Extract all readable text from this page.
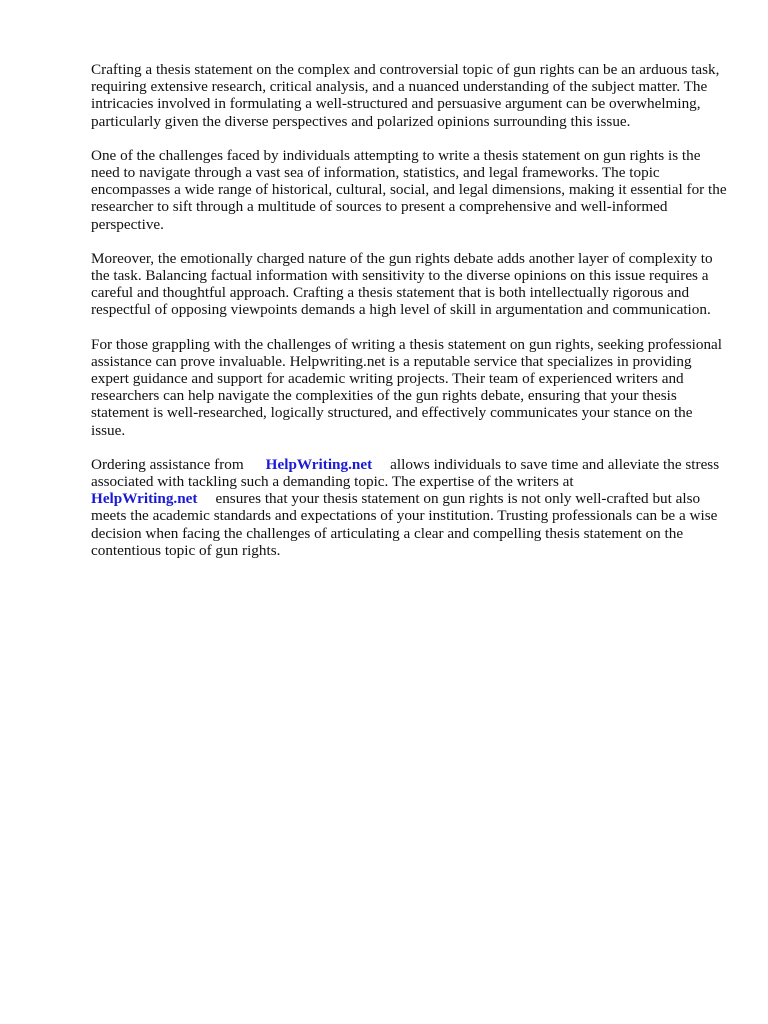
Crafting a thesis statement on the complex and controversial topic of gun rights can be an arduous task, requiring extensive research, critical analysis, and a nuanced understanding of the subject matter. The intricacies involved in formulating a well-structured and persuasive argument can be overwhelming, particularly given the diverse perspectives and polarized opinions surrounding this issue.

One of the challenges faced by individuals attempting to write a thesis statement on gun rights is the need to navigate through a vast sea of information, statistics, and legal frameworks. The topic encompasses a wide range of historical, cultural, social, and legal dimensions, making it essential for the researcher to sift through a multitude of sources to present a comprehensive and well-informed perspective.

Moreover, the emotionally charged nature of the gun rights debate adds another layer of complexity to the task. Balancing factual information with sensitivity to the diverse opinions on this issue requires a careful and thoughtful approach. Crafting a thesis statement that is both intellectually rigorous and respectful of opposing viewpoints demands a high level of skill in argumentation and communication.

For those grappling with the challenges of writing a thesis statement on gun rights, seeking professional assistance can prove invaluable. Helpwriting.net is a reputable service that specializes in providing expert guidance and support for academic writing projects. Their team of experienced writers and researchers can help navigate the complexities of the gun rights debate, ensuring that your thesis statement is well-researched, logically structured, and effectively communicates your stance on the issue.

Ordering assistance from HelpWriting.net allows individuals to save time and alleviate the stress associated with tackling such a demanding topic. The expertise of the writers at
HelpWriting.net ensures that your thesis statement on gun rights is not only well-crafted but also meets the academic standards and expectations of your institution. Trusting professionals can be a wise decision when facing the challenges of articulating a clear and compelling thesis statement on the contentious topic of gun rights.
